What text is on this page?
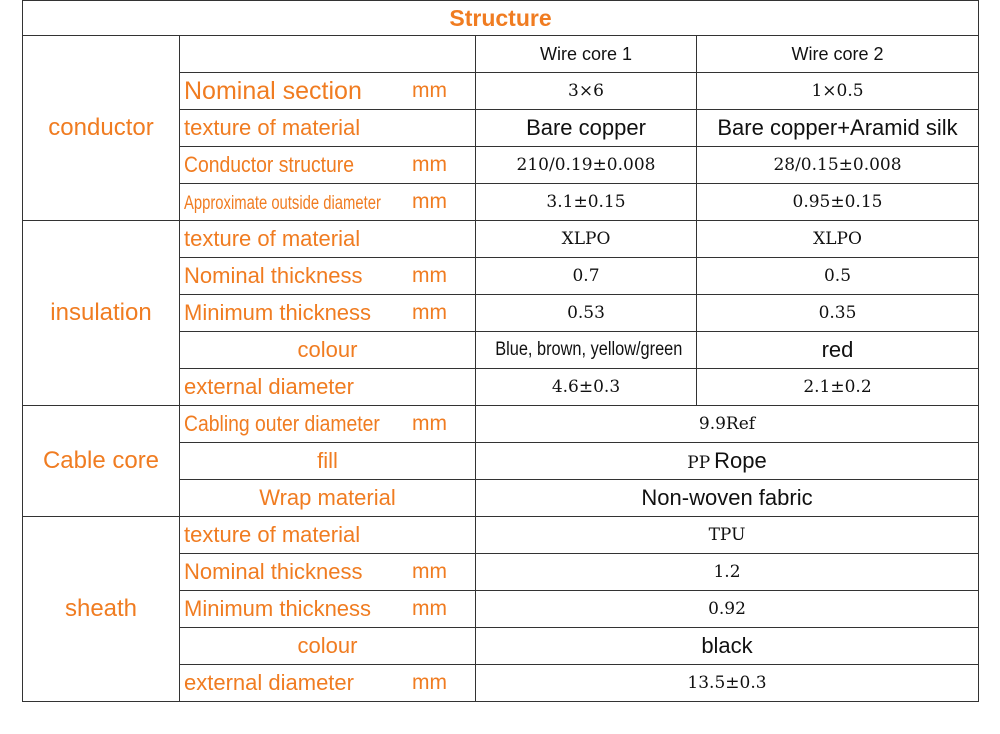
Structure			
conductor		Wire core 1	Wire core 2
	Nominal section mm	3×6	1×0.5
	texture of material	Bare copper	Bare copper+Aramid silk
	Conductor structure mm	210/0.19±0.008	28/0.15±0.008
	Approximate outside diameter mm	3.1±0.15	0.95±0.15
insulation	texture of material	XLPO	XLPO
	Nominal thickness mm	0.7	0.5
	Minimum thickness mm	0.53	0.35
	colour	Blue, brown, yellow/green	red
	external diameter	4.6±0.3	2.1±0.2
Cable core	Cabling outer diameter mm	9.9Ref	
	fill	PP Rope	
	Wrap material	Non-woven fabric	
sheath	texture of material	TPU	
	Nominal thickness mm	1.2	
	Minimum thickness mm	0.92	
	colour	black	
	external diameter mm	13.5±0.3	
